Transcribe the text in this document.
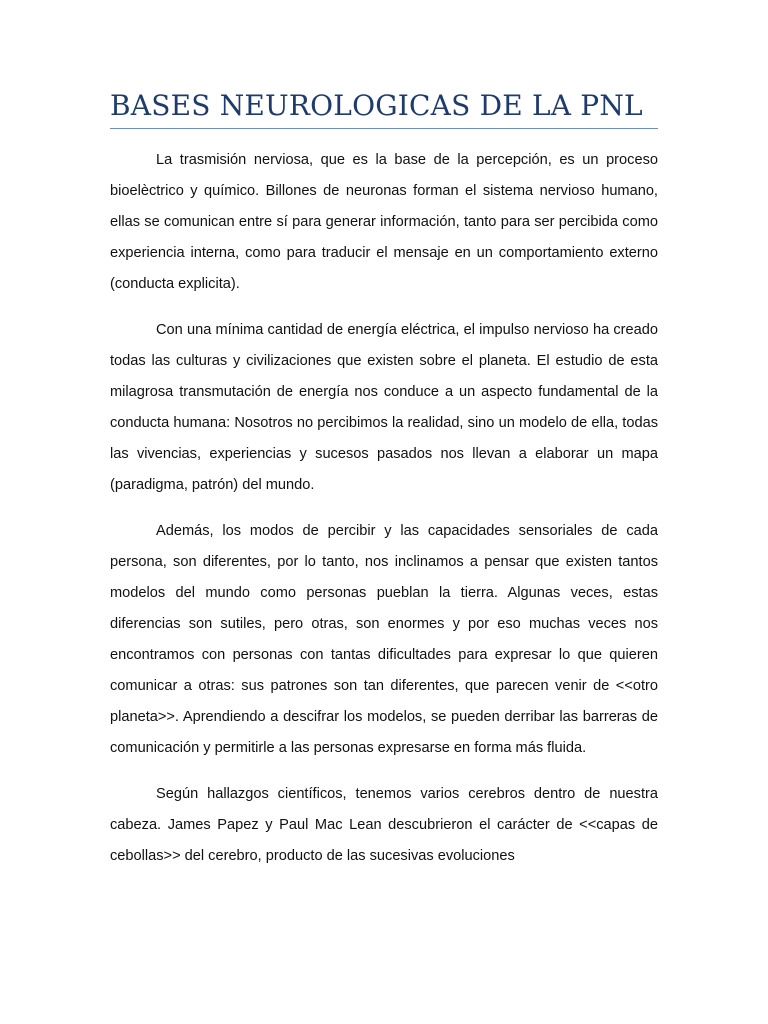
BASES NEUROLOGICAS DE LA PNL

La trasmisión nerviosa, que es la base de la percepción, es un proceso bioelèctrico y químico. Billones de neuronas forman el sistema nervioso humano, ellas se comunican entre sí para generar información, tanto para ser percibida como experiencia interna, como para traducir el mensaje en un comportamiento externo (conducta explicita).

Con una mínima cantidad de energía eléctrica, el impulso nervioso ha creado todas las culturas y civilizaciones que existen sobre el planeta. El estudio de esta milagrosa transmutación de energía nos conduce a un aspecto fundamental de la conducta humana: Nosotros no percibimos la realidad, sino un modelo de ella, todas las vivencias, experiencias y sucesos pasados nos llevan a elaborar un mapa (paradigma, patrón) del mundo.

Además, los modos de percibir y las capacidades sensoriales de cada persona, son diferentes, por lo tanto, nos inclinamos a pensar que existen tantos modelos del mundo como personas pueblan la tierra. Algunas veces, estas diferencias son sutiles, pero otras, son enormes y por eso muchas veces nos encontramos con personas con tantas dificultades para expresar lo que quieren comunicar a otras: sus patrones son tan diferentes, que parecen venir de <<otro planeta>>. Aprendiendo a descifrar los modelos, se pueden derribar las barreras de comunicación y permitirle a las personas expresarse en forma más fluida.

Según hallazgos científicos, tenemos varios cerebros dentro de nuestra cabeza. James Papez y Paul Mac Lean descubrieron el carácter de <<capas de cebollas>> del cerebro, producto de las sucesivas evoluciones
